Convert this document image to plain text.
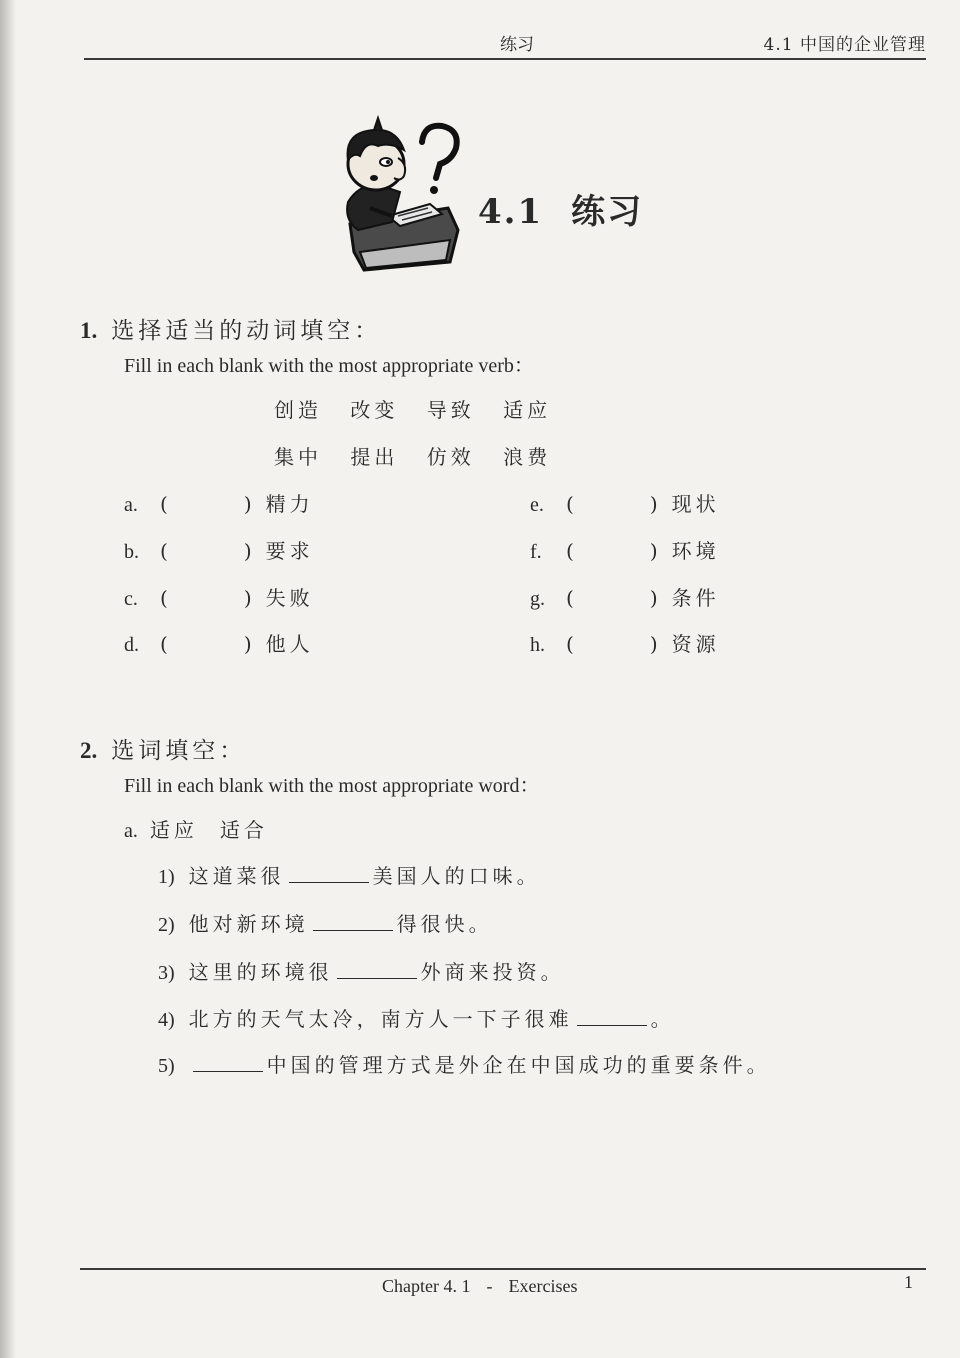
练习	4.1 中国的企业管理
4.1 练习
1. 选择适当的动词填空：
Fill in each blank with the most appropriate verb：
创造 改变 导致 适应
集中 提出 仿效 浪费
a. (	) 精力
b. (	) 要求
c. (	) 失败
d. (	) 他人
e. (	) 现状
f. (	) 环境
g. (	) 条件
h. (	) 资源
2. 选词填空：
Fill in each blank with the most appropriate word：
a. 适应 适合
1) 这道菜很	美国人的口味。
2) 他对新环境	得很快。
3) 这里的环境很	外商来投资。
4) 北方的天气太冷，南方人一下子很难	。
5)	中国的管理方式是外企在中国成功的重要条件。
Chapter 4. 1 - Exercises	1
